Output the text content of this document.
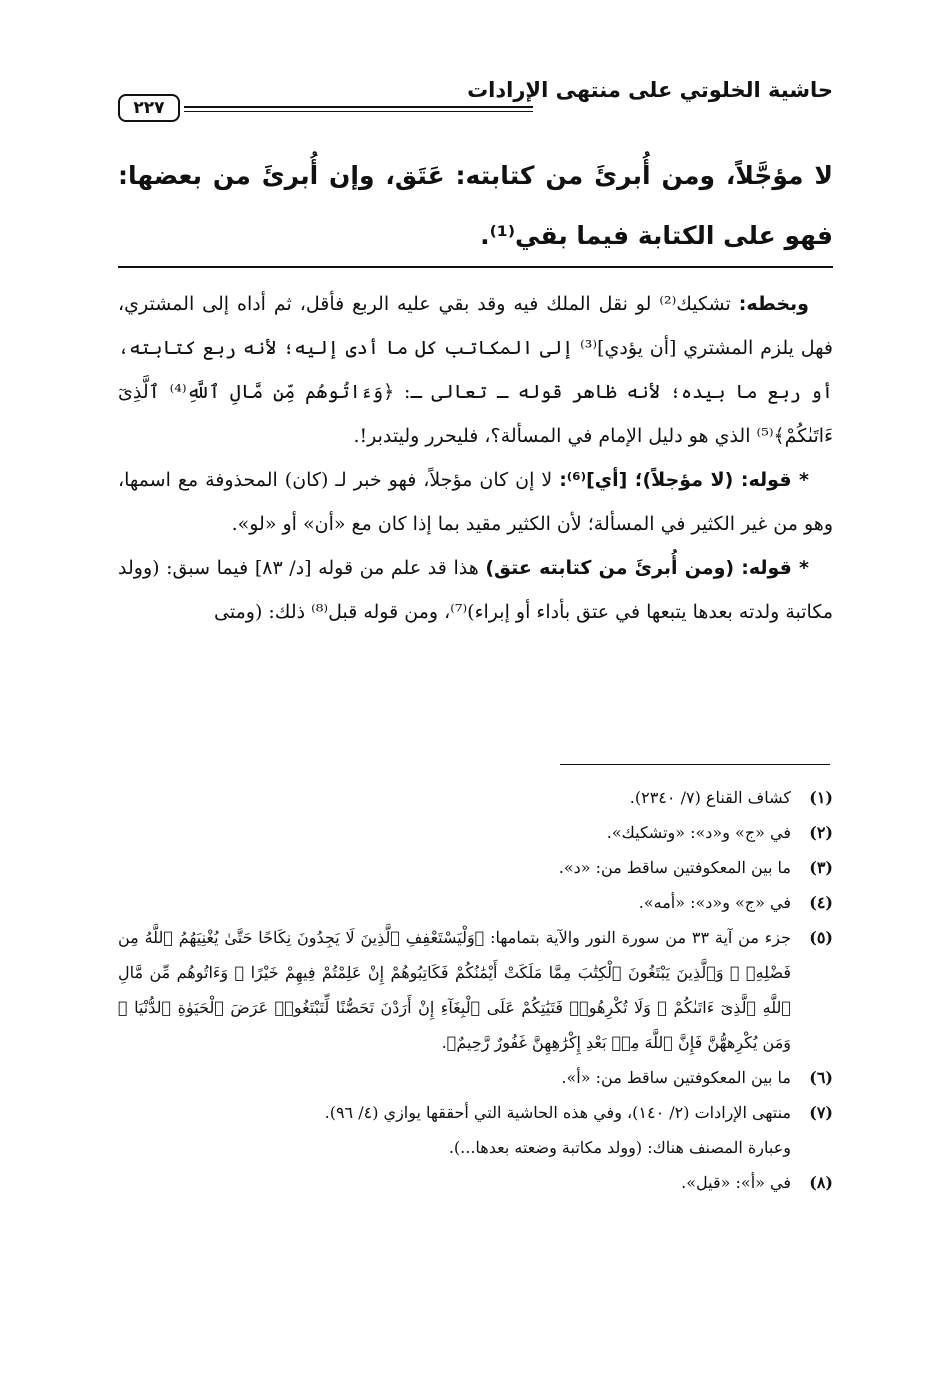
حاشية الخلوتي على منتهى الإرادات
٢٢٧
لا مؤجَّلاً، ومن أُبرئَ من كتابته: عَتَق، وإن أُبرئَ من بعضها: فهو على الكتابة فيما بقي⁽¹⁾.

وبخطه: تشكيك⁽²⁾ لو نقل الملك فيه وقد بقي عليه الربع فأقل، ثم أداه إلى المشتري، فهل يلزم المشتري [أن يؤدي]⁽³⁾ إلى المكاتب كل ما أدى إليه؛ لأنه ربع كتابته، أو ربع ما بيده؛ لأنه ظاهر قوله ـ تعالى ـ: ﴿وَءَاتُوهُم مِّن مَّالِ ٱللَّهِ⁽⁴⁾ ٱلَّذِىٓ ءَاتَىٰكُمْ﴾⁽⁵⁾ الذي هو دليل الإمام في المسألة؟، فليحرر وليتدبر!.

* قوله: (لا مؤجلاً)؛ [أي]⁽⁶⁾: لا إن كان مؤجلاً، فهو خبر لـ (كان) المحذوفة مع اسمها، وهو من غير الكثير في المسألة؛ لأن الكثير مقيد بما إذا كان مع «أن» أو «لو».

* قوله: (ومن أُبرئَ من كتابته عتق) هذا قد علم من قوله [د/ ٨٣] فيما سبق: (وولد مكاتبة ولدته بعدها يتبعها في عتق بأداء أو إبراء)⁽⁷⁾، ومن قوله قبل⁽⁸⁾ ذلك: (ومتى

(١)
كشاف القناع (٧/ ٢٣٤٠).
(٢)
في «ج» و«د»: «وتشكيك».
(٣)
ما بين المعكوفتين ساقط من: «د».
(٤)
في «ج» و«د»: «أمه».
(٥)
جزء من آية ٣٣ من سورة النور والآية بتمامها: ﴿وَلْيَسْتَعْفِفِ ٱلَّذِينَ لَا يَجِدُونَ نِكَاحًا حَتَّىٰ يُغْنِيَهُمُ ٱللَّهُ مِن فَضْلِهِۦ ۗ وَٱلَّذِينَ يَبْتَغُونَ ٱلْكِتَٰبَ مِمَّا مَلَكَتْ أَيْمَٰنُكُمْ فَكَاتِبُوهُمْ إِنْ عَلِمْتُمْ فِيهِمْ خَيْرًا ۖ وَءَاتُوهُم مِّن مَّالِ ٱللَّهِ ٱلَّذِىٓ ءَاتَىٰكُمْ ۚ وَلَا تُكْرِهُوا۟ فَتَيَٰتِكُمْ عَلَى ٱلْبِغَآءِ إِنْ أَرَدْنَ تَحَصُّنًا لِّتَبْتَغُوا۟ عَرَضَ ٱلْحَيَوٰةِ ٱلدُّنْيَا ۚ وَمَن يُكْرِههُّنَّ فَإِنَّ ٱللَّهَ مِنۢ بَعْدِ إِكْرَٰهِهِنَّ غَفُورٌ رَّحِيمٌ﴾.
(٦)
ما بين المعكوفتين ساقط من: «أ».
(٧)
منتهى الإرادات (٢/ ١٤٠)، وفي هذه الحاشية التي أحققها يوازي (٤/ ٩٦).
وعبارة المصنف هناك: (وولد مكاتبة وضعته بعدها...).
(٨)
في «أ»: «قيل».
